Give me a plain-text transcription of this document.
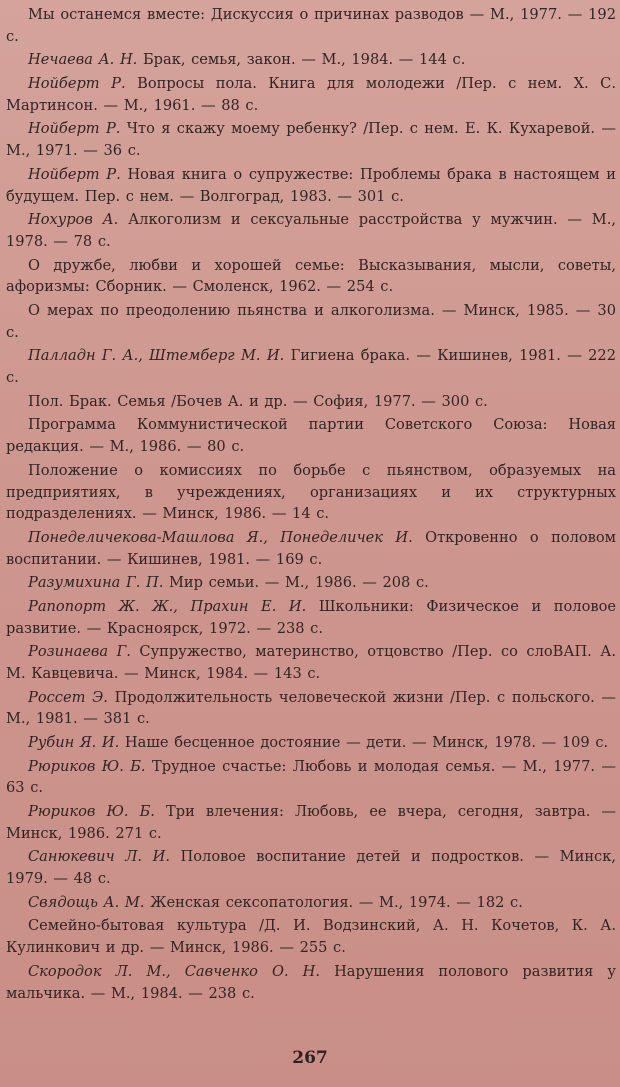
Мы останемся вместе: Дискуссия о причинах разводов — М., 1977. — 192 с.

Нечаева А. Н. Брак, семья, закон. — М., 1984. — 144 с.

Нойберт Р. Вопросы пола. Книга для молодежи /Пер. с нем. Х. С. Мартинсон. — М., 1961. — 88 с.

Нойберт Р. Что я скажу моему ребенку? /Пер. с нем. Е. К. Кухаревой. — М., 1971. — 36 с.

Нойберт Р. Новая книга о супружестве: Проблемы брака в настоящем и будущем. Пер. с нем. — Волгоград, 1983. — 301 с.

Нохуров А. Алкоголизм и сексуальные расстройства у мужчин. — М., 1978. — 78 с.

О дружбе, любви и хорошей семье: Высказывания, мысли, советы, афоризмы: Сборник. — Смоленск, 1962. — 254 с.

О мерах по преодолению пьянства и алкоголизма. — Минск, 1985. — 30 с.

Палладн Г. А., Штемберг М. И. Гигиена брака. — Кишинев, 1981. — 222 с.

Пол. Брак. Семья /Бочев А. и др. — София, 1977. — 300 с.

Программа Коммунистической партии Советского Союза: Новая редакция. — М., 1986. — 80 с.

Положение о комиссиях по борьбе с пьянством, образуемых на предприятиях, в учреждениях, организациях и их структурных подразделениях. — Минск, 1986. — 14 с.

Понеделичекова-Машлова Я., Понеделичек И. Откровенно о половом воспитании. — Кишинев, 1981. — 169 с.

Разумихина Г. П. Мир семьи. — М., 1986. — 208 с.

Рапопорт Ж. Ж., Прахин Е. И. Школьники: Физическое и половое развитие. — Красноярск, 1972. — 238 с.

Розинаева Г. Супружество, материнство, отцовство /Пер. со слоВАП. А. М. Кавцевича. — Минск, 1984. — 143 с.

Россет Э. Продолжительность человеческой жизни /Пер. с польского. — М., 1981. — 381 с.

Рубин Я. И. Наше бесценное достояние — дети. — Минск, 1978. — 109 с.

Рюриков Ю. Б. Трудное счастье: Любовь и молодая семья. — М., 1977. — 63 с.

Рюриков Ю. Б. Три влечения: Любовь, ее вчера, сегодня, завтра. — Минск, 1986. 271 с.

Санюкевич Л. И. Половое воспитание детей и подростков. — Минск, 1979. — 48 с.

Свядощь А. М. Женская сексопатология. — М., 1974. — 182 с.

Семейно-бытовая культура /Д. И. Водзинский, А. Н. Кочетов, К. А. Кулинкович и др. — Минск, 1986. — 255 с.

Скородок Л. М., Савченко О. Н. Нарушения полового развития у мальчика. — М., 1984. — 238 с.

267
